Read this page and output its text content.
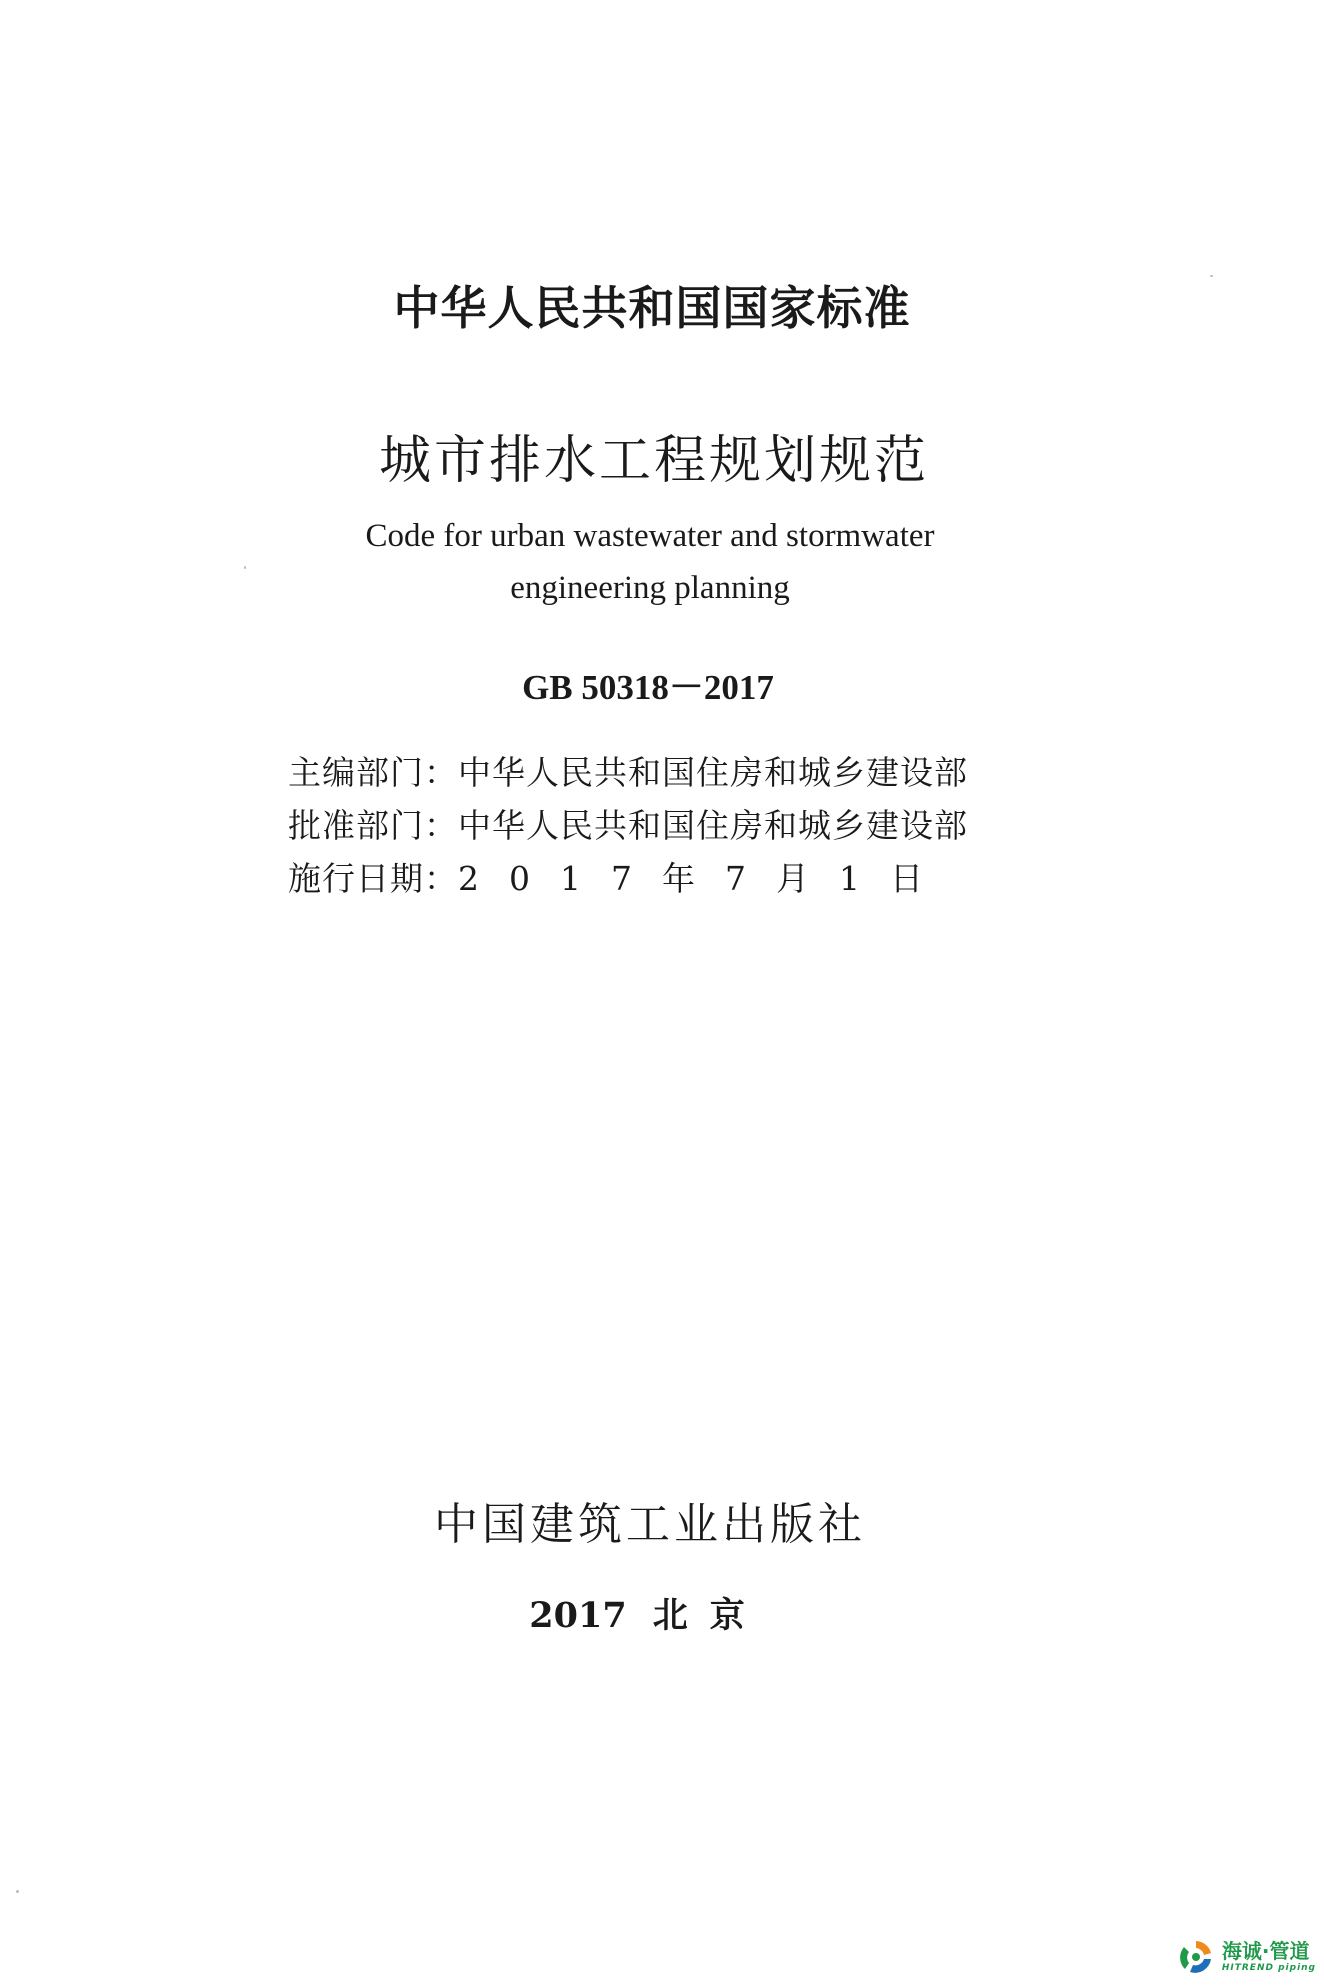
中华人民共和国国家标准
城市排水工程规划规范
Code for urban wastewater and stormwater
engineering planning
GB 50318－2017
主编部门：中华人民共和国住房和城乡建设部
批准部门：中华人民共和国住房和城乡建设部
施行日期：2017年7月1日
中国建筑工业出版社
2017 北京
海诚·管道
HITREND piping
